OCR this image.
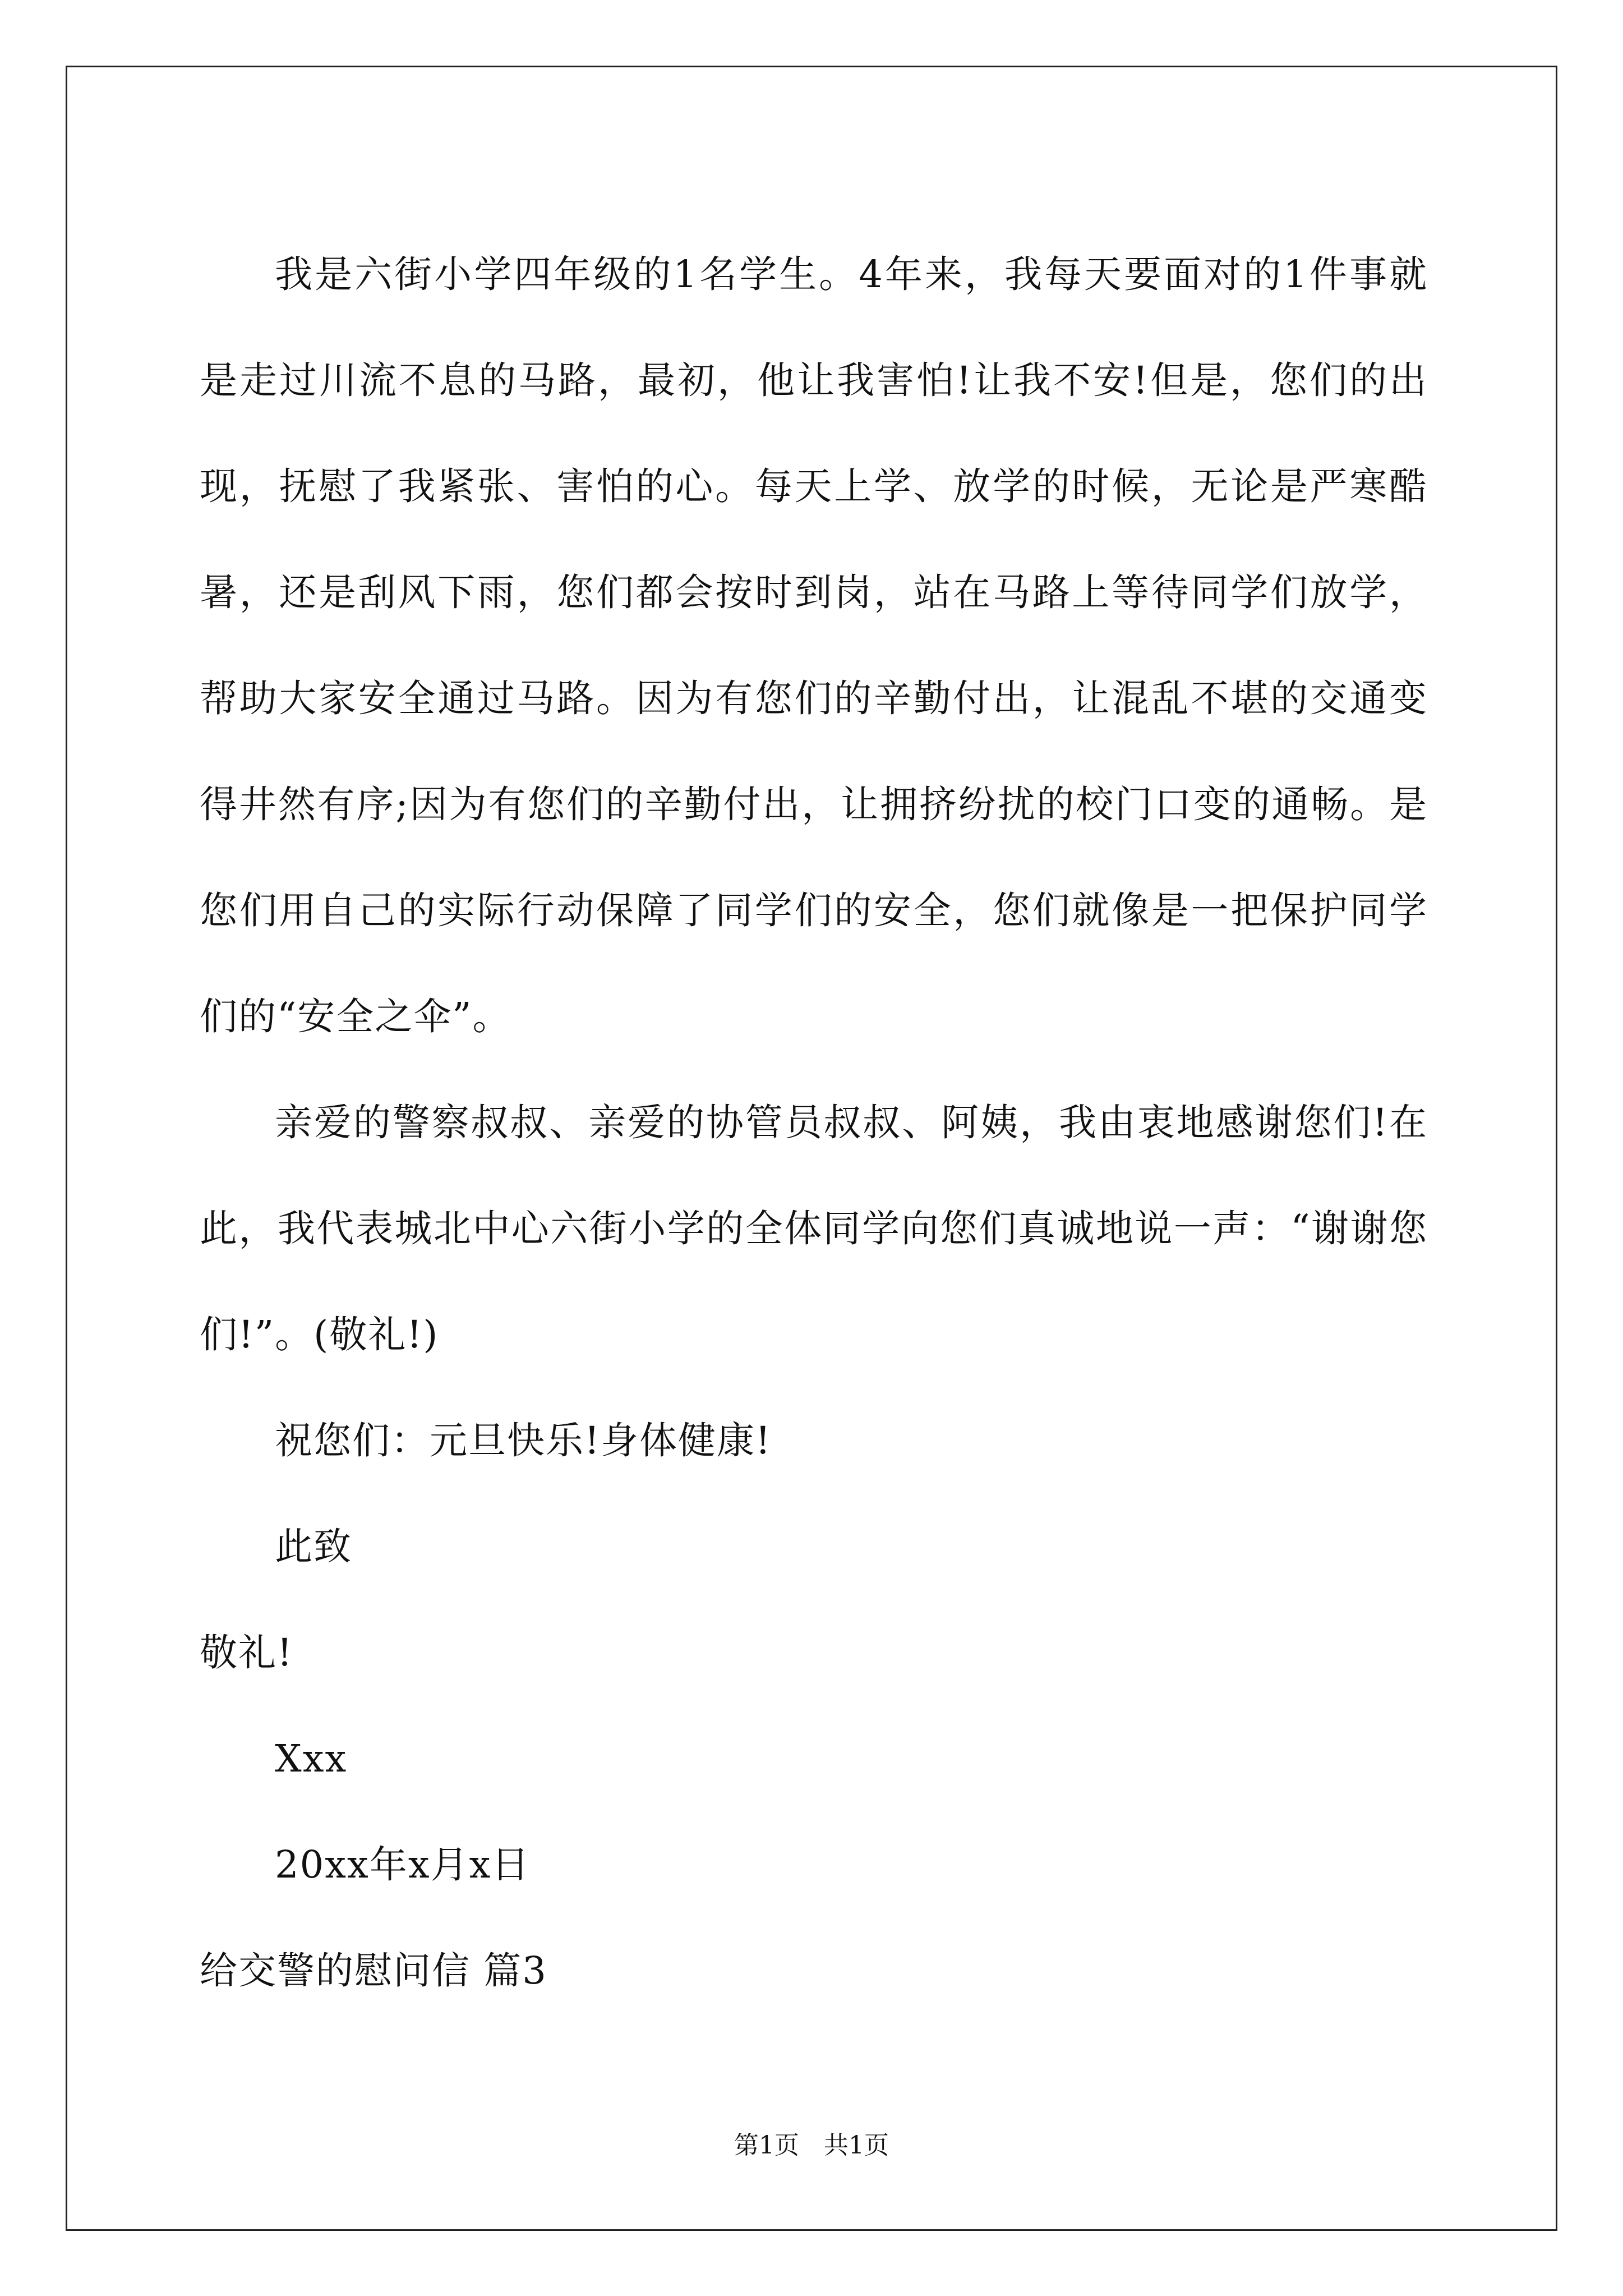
我是六街小学四年级的1名学生。4年来，我每天要面对的1件事就是走过川流不息的马路，最初，他让我害怕!让我不安!但是，您们的出现，抚慰了我紧张、害怕的心。每天上学、放学的时候，无论是严寒酷暑，还是刮风下雨，您们都会按时到岗，站在马路上等待同学们放学，帮助大家安全通过马路。因为有您们的辛勤付出，让混乱不堪的交通变得井然有序;因为有您们的辛勤付出，让拥挤纷扰的校门口变的通畅。是您们用自己的实际行动保障了同学们的安全，您们就像是一把保护同学们的“安全之伞”。

亲爱的警察叔叔、亲爱的协管员叔叔、阿姨，我由衷地感谢您们!在此，我代表城北中心六街小学的全体同学向您们真诚地说一声：“谢谢您们!”。(敬礼!)

祝您们：元旦快乐!身体健康!

此致

敬礼!

Xxx

20xx年x月x日

给交警的慰问信 篇3

第1页　共1页
